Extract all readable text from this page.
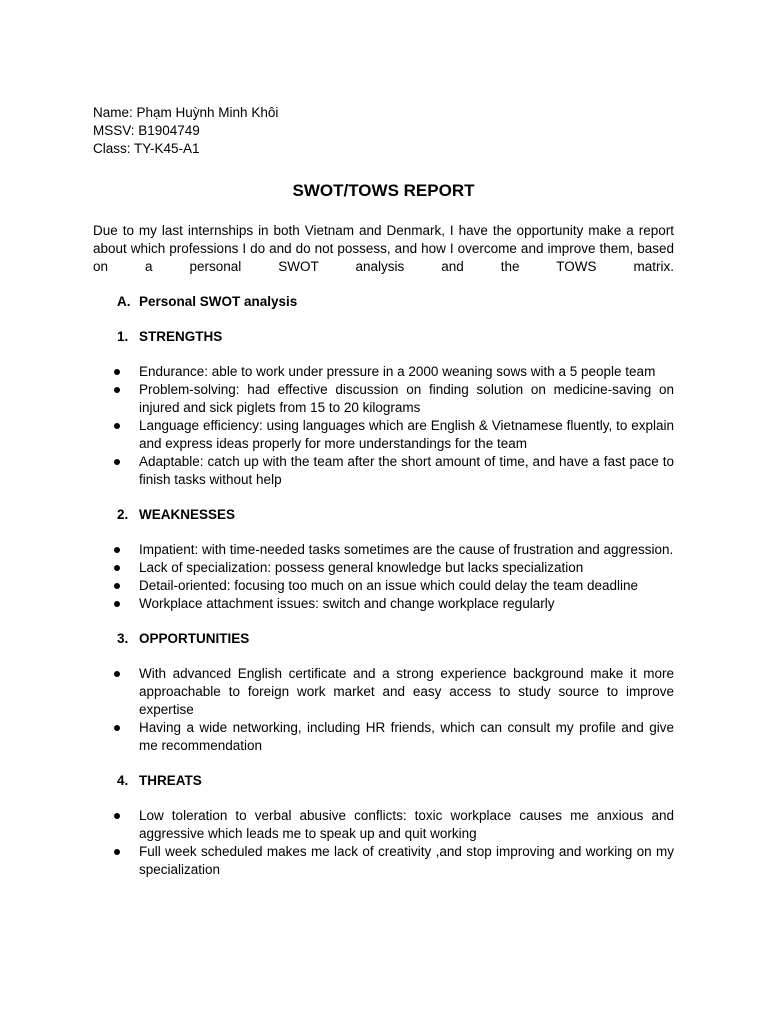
Name: Phạm Huỳnh Minh Khôi

MSSV: B1904749

Class: TY-K45-A1

SWOT/TOWS REPORT

Due to my last internships in both Vietnam and Denmark, I have the opportunity make a report about which professions I do and do not possess, and how I overcome and improve them, based on a personal SWOT analysis and the TOWS matrix.

A. Personal SWOT analysis
1. STRENGTHS
Endurance: able to work under pressure in a 2000 weaning sows with a 5 people team
Problem-solving: had effective discussion on finding solution on medicine-saving on injured and sick piglets from 15 to 20 kilograms
Language efficiency: using languages which are English & Vietnamese fluently, to explain and express ideas properly for more understandings for the team
Adaptable: catch up with the team after the short amount of time, and have a fast pace to finish tasks without help
2. WEAKNESSES
Impatient: with time-needed tasks sometimes are the cause of frustration and aggression.
Lack of specialization: possess general knowledge but lacks specialization
Detail-oriented: focusing too much on an issue which could delay the team deadline
Workplace attachment issues: switch and change workplace regularly
3. OPPORTUNITIES
With advanced English certificate and a strong experience background make it more approachable to foreign work market and easy access to study source to improve expertise
Having a wide networking, including HR friends, which can consult my profile and give me recommendation
4. THREATS
Low toleration to verbal abusive conflicts: toxic workplace causes me anxious and aggressive which leads me to speak up and quit working
Full week scheduled makes me lack of creativity ,and stop improving and working on my specialization
